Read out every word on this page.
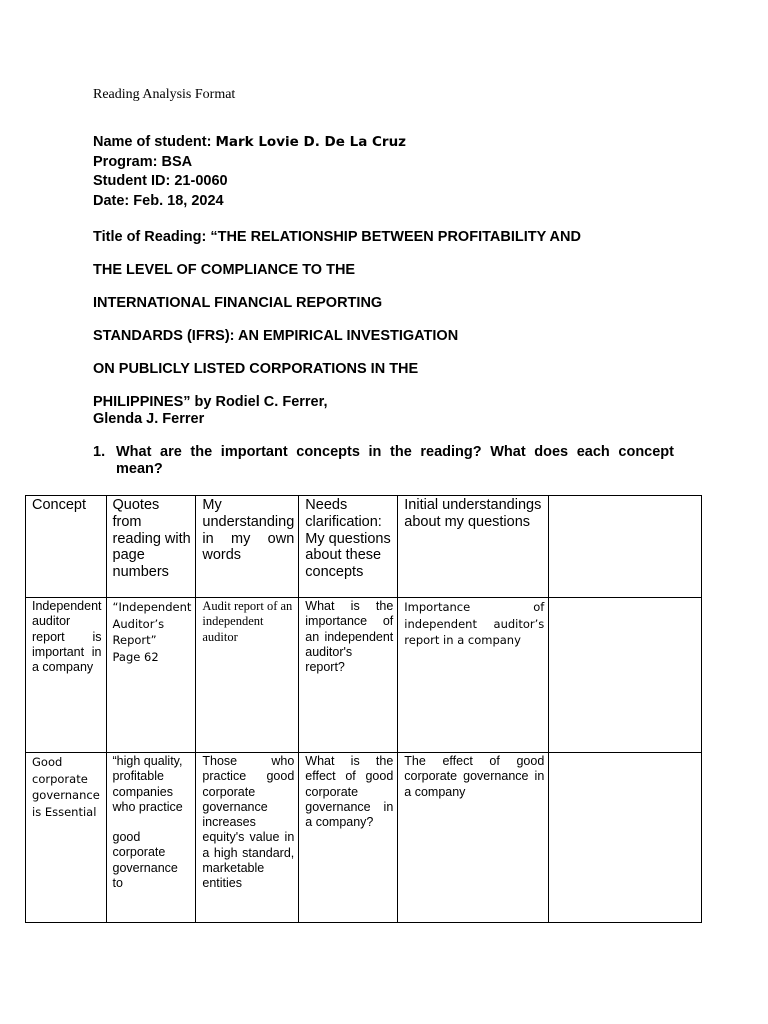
Reading Analysis Format
Name of student: Mark Lovie D. De La Cruz
Program: BSA
Student ID: 21-0060
Date: Feb. 18, 2024
Title of Reading: “THE RELATIONSHIP BETWEEN PROFITABILITY AND
THE LEVEL OF COMPLIANCE TO THE
INTERNATIONAL FINANCIAL REPORTING
STANDARDS (IFRS): AN EMPIRICAL INVESTIGATION
ON PUBLICLY LISTED CORPORATIONS IN THE
PHILIPPINES” by Rodiel C. Ferrer,
Glenda J. Ferrer
1. What are the important concepts in the reading? What does each concept mean?
Concept	Quotes from reading with page numbers	My understanding in my own words	Needs clarification: My questions about these concepts	Initial understandings about my questions	
Independent auditor report is important in a company	“Independent Auditor’s Report”
Page 62	Audit report of an independent auditor	What is the importance of an independent auditor's report?	Importance of independent auditor’s report in a company	
Good corporate governance is Essential	“high quality, profitable companies who practice
good corporate governance to	Those who practice good corporate governance increases equity's value in a high standard, marketable entities	What is the effect of good corporate governance in a company?	The effect of good corporate governance in a company	
